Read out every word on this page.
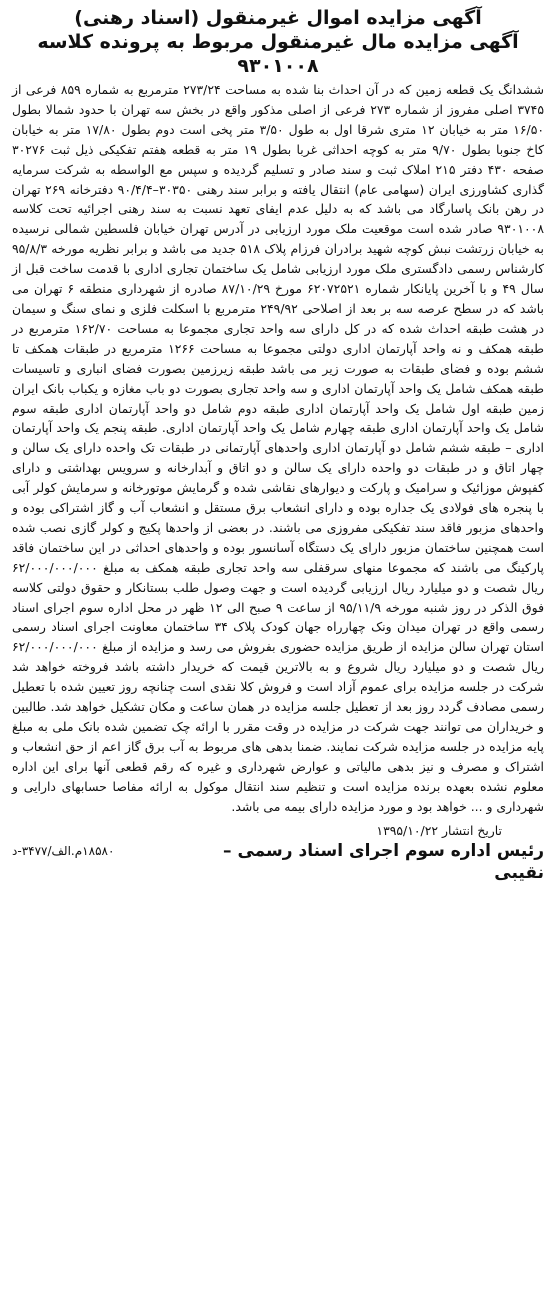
آگهی مزایده اموال غیرمنقول (اسناد رهنی)
آگهی مزایده مال غیرمنقول مربوط به پرونده کلاسه ۹۳۰۱۰۰۸

ششدانگ یک قطعه زمین که در آن احداث بنا شده به مساحت ۲۷۳/۲۴ مترمربع به شماره ۸۵۹ فرعی از ۳۷۴۵ اصلی مفروز از شماره ۲۷۳ فرعی از اصلی مذکور واقع در بخش سه تهران با حدود شمالا بطول ۱۶/۵۰ متر به خیابان ۱۲ متری شرقا اول به طول ۳/۵۰ متر پخی است دوم بطول ۱۷/۸۰ متر به خیابان کاخ جنوبا بطول ۹/۷۰ متر به کوچه احداثی غربا بطول ۱۹ متر به قطعه هفتم تفکیکی ذیل ثبت ۳۰۲۷۶ صفحه ۴۳۰ دفتر ۲۱۵ املاک ثبت و سند صادر و تسلیم گردیده و سپس مع الواسطه به شرکت سرمایه گذاری کشاورزی ایران (سهامی عام) انتقال یافته و برابر سند رهنی ۳۰۳۵۰–۹۰/۴/۴ دفترخانه ۲۶۹ تهران در رهن بانک پاسارگاد می باشد که به دلیل عدم ایفای تعهد نسبت به سند رهنی اجرائیه تحت کلاسه ۹۳۰۱۰۰۸ صادر شده است موقعیت ملک مورد ارزیابی در آدرس تهران خیابان فلسطین شمالی نرسیده به خیابان زرتشت نبش کوچه شهید برادران فرزام پلاک ۵۱۸ جدید می باشد و برابر نظریه مورخه ۹۵/۸/۳ کارشناس رسمی دادگستری ملک مورد ارزیابی شامل یک ساختمان تجاری اداری با قدمت ساخت قبل از سال ۴۹ و با آخرین پایانکار شماره ۶۲۰۷۲۵۲۱ مورخ ۸۷/۱۰/۲۹ صادره از شهرداری منطقه ۶ تهران می باشد که در سطح عرصه سه بر بعد از اصلاحی ۲۴۹/۹۲ مترمربع با اسکلت فلزی و نمای سنگ و سیمان در هشت طبقه احداث شده که در کل دارای سه واحد تجاری مجموعا به مساحت ۱۶۲/۷۰ مترمربع در طبقه همکف و نه واحد آپارتمان اداری دولتی مجموعا به مساحت ۱۲۶۶ مترمربع در طبقات همکف تا ششم بوده و فضای طبقات به صورت زیر می باشد طبقه زیرزمین بصورت فضای انباری و تاسیسات طبقه همکف شامل یک واحد آپارتمان اداری و سه واحد تجاری بصورت دو باب مغازه و یکباب بانک ایران زمین طبقه اول شامل یک واحد آپارتمان اداری طبقه دوم شامل دو واحد آپارتمان اداری طبقه سوم شامل یک واحد آپارتمان اداری طبقه چهارم شامل یک واحد آپارتمان اداری. طبقه پنجم یک واحد آپارتمان اداری – طبقه ششم شامل دو آپارتمان اداری واحدهای آپارتمانی در طبقات تک واحده دارای یک سالن و چهار اتاق و در طبقات دو واحده دارای یک سالن و دو اتاق و آبدارخانه و سرویس بهداشتی و دارای کفپوش موزائیک و سرامیک و پارکت و دیوارهای نقاشی شده و گرمایش موتورخانه و سرمایش کولر آبی با پنجره های فولادی یک جداره بوده و دارای انشعاب برق مستقل و انشعاب آب و گاز اشتراکی بوده و واحدهای مزبور فاقد سند تفکیکی مفروزی می باشند. در بعضی از واحدها پکیج و کولر گازی نصب شده است همچنین ساختمان مزبور دارای یک دستگاه آسانسور بوده و واحدهای احداثی در این ساختمان فاقد پارکینگ می باشند که مجموعا منهای سرقفلی سه واحد تجاری طبقه همکف به مبلغ ۶۲/۰۰۰/۰۰۰/۰۰۰ ریال شصت و دو میلیارد ریال ارزیابی گردیده است و جهت وصول طلب بستانکار و حقوق دولتی کلاسه فوق الذکر در روز شنبه مورخه ۹۵/۱۱/۹ از ساعت ۹ صبح الی ۱۲ ظهر در محل اداره سوم اجرای اسناد رسمی واقع در تهران میدان ونک چهارراه جهان کودک پلاک ۳۴ ساختمان معاونت اجرای اسناد رسمی استان تهران سالن مزایده از طریق مزایده حضوری بفروش می رسد و مزایده از مبلغ ۶۲/۰۰۰/۰۰۰/۰۰۰ ریال شصت و دو میلیارد ریال شروع و به بالاترین قیمت که خریدار داشته باشد فروخته خواهد شد شرکت در جلسه مزایده برای عموم آزاد است و فروش کلا نقدی است چنانچه روز تعیین شده با تعطیل رسمی مصادف گردد روز بعد از تعطیل جلسه مزایده در همان ساعت و مکان تشکیل خواهد شد. طالبین و خریداران می توانند جهت شرکت در مزایده در وقت مقرر با ارائه چک تضمین شده بانک ملی به مبلغ پایه مزایده در جلسه مزایده شرکت نمایند. ضمنا بدهی های مربوط به آب برق گاز اعم از حق انشعاب و اشتراک و مصرف و نیز بدهی مالیاتی و عوارض شهرداری و غیره که رقم قطعی آنها برای این اداره معلوم نشده بعهده برنده مزایده است و تنظیم سند انتقال موکول به ارائه مفاصا حسابهای دارایی و شهرداری و ... خواهد بود و مورد مزایده دارای بیمه می باشد.

تاریخ انتشار ۱۳۹۵/۱۰/۲۲
رئیس اداره سوم اجرای اسناد رسمی –
۱۸۵۸۰م.الف/۳۴۷۷-د
نقیبی
